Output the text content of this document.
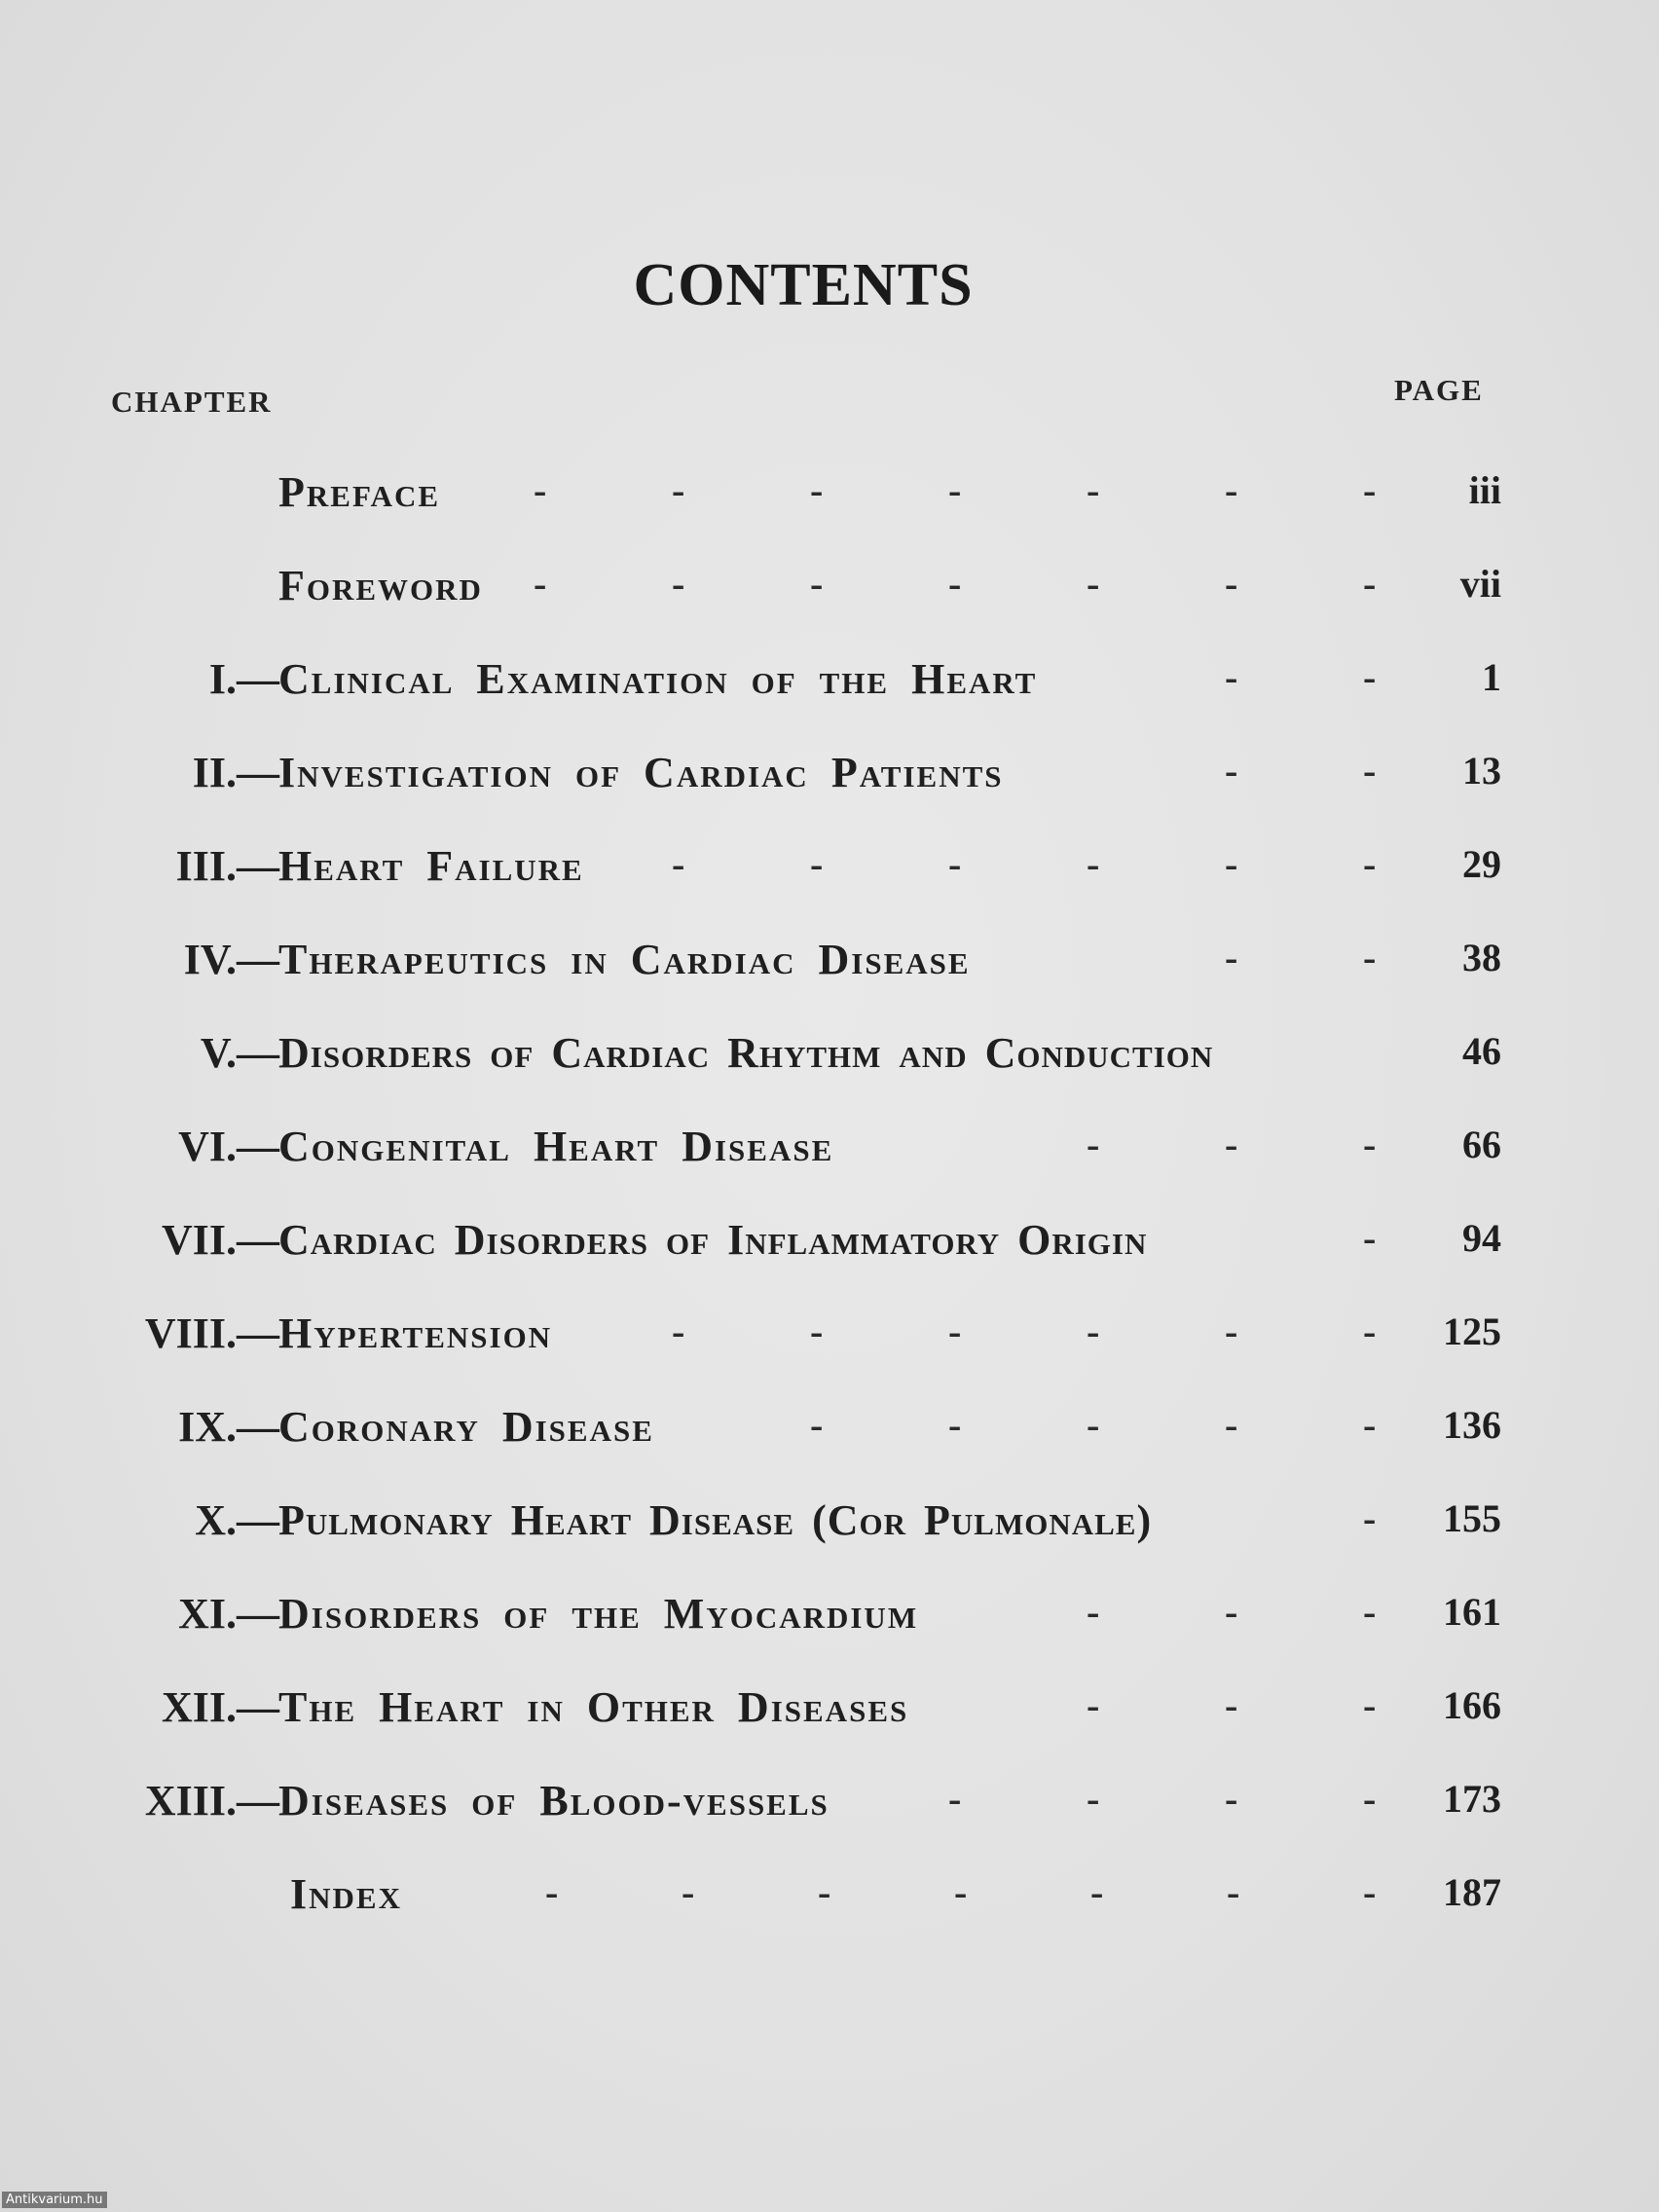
CONTENTS
CHAPTER	PAGE
Preface -	-	-	-	-	-	- iii
Foreword -	-	-	-	-	-	- vii
I.— Clinical Examination of the Heart	-	-	1
II.— Investigation of Cardiac Patients	-	- 13
III.— Heart Failure -	-	-	-	-	- 29
IV.— Therapeutics in Cardiac Disease	-	- 38
V.— Disorders of Cardiac Rhythm and Conduction	46
VI.— Congenital Heart Disease	-	-	- 66
VII.— Cardiac Disorders of Inflammatory Origin	- 94
VIII.— Hypertension	-	-	-	-	-	- 125
IX.— Coronary Disease	-	-	-	-	- 136
X.— Pulmonary Heart Disease (Cor Pulmonale)	- 155
XI.— Disorders of the Myocardium	-	-	- 161
XII.— The Heart in Other Diseases	-	-	- 166
XIII.— Diseases of Blood-vessels	-	-	-	- 173
Index	-	-	-	-	-	-	- 187
Antikvarium.hu
